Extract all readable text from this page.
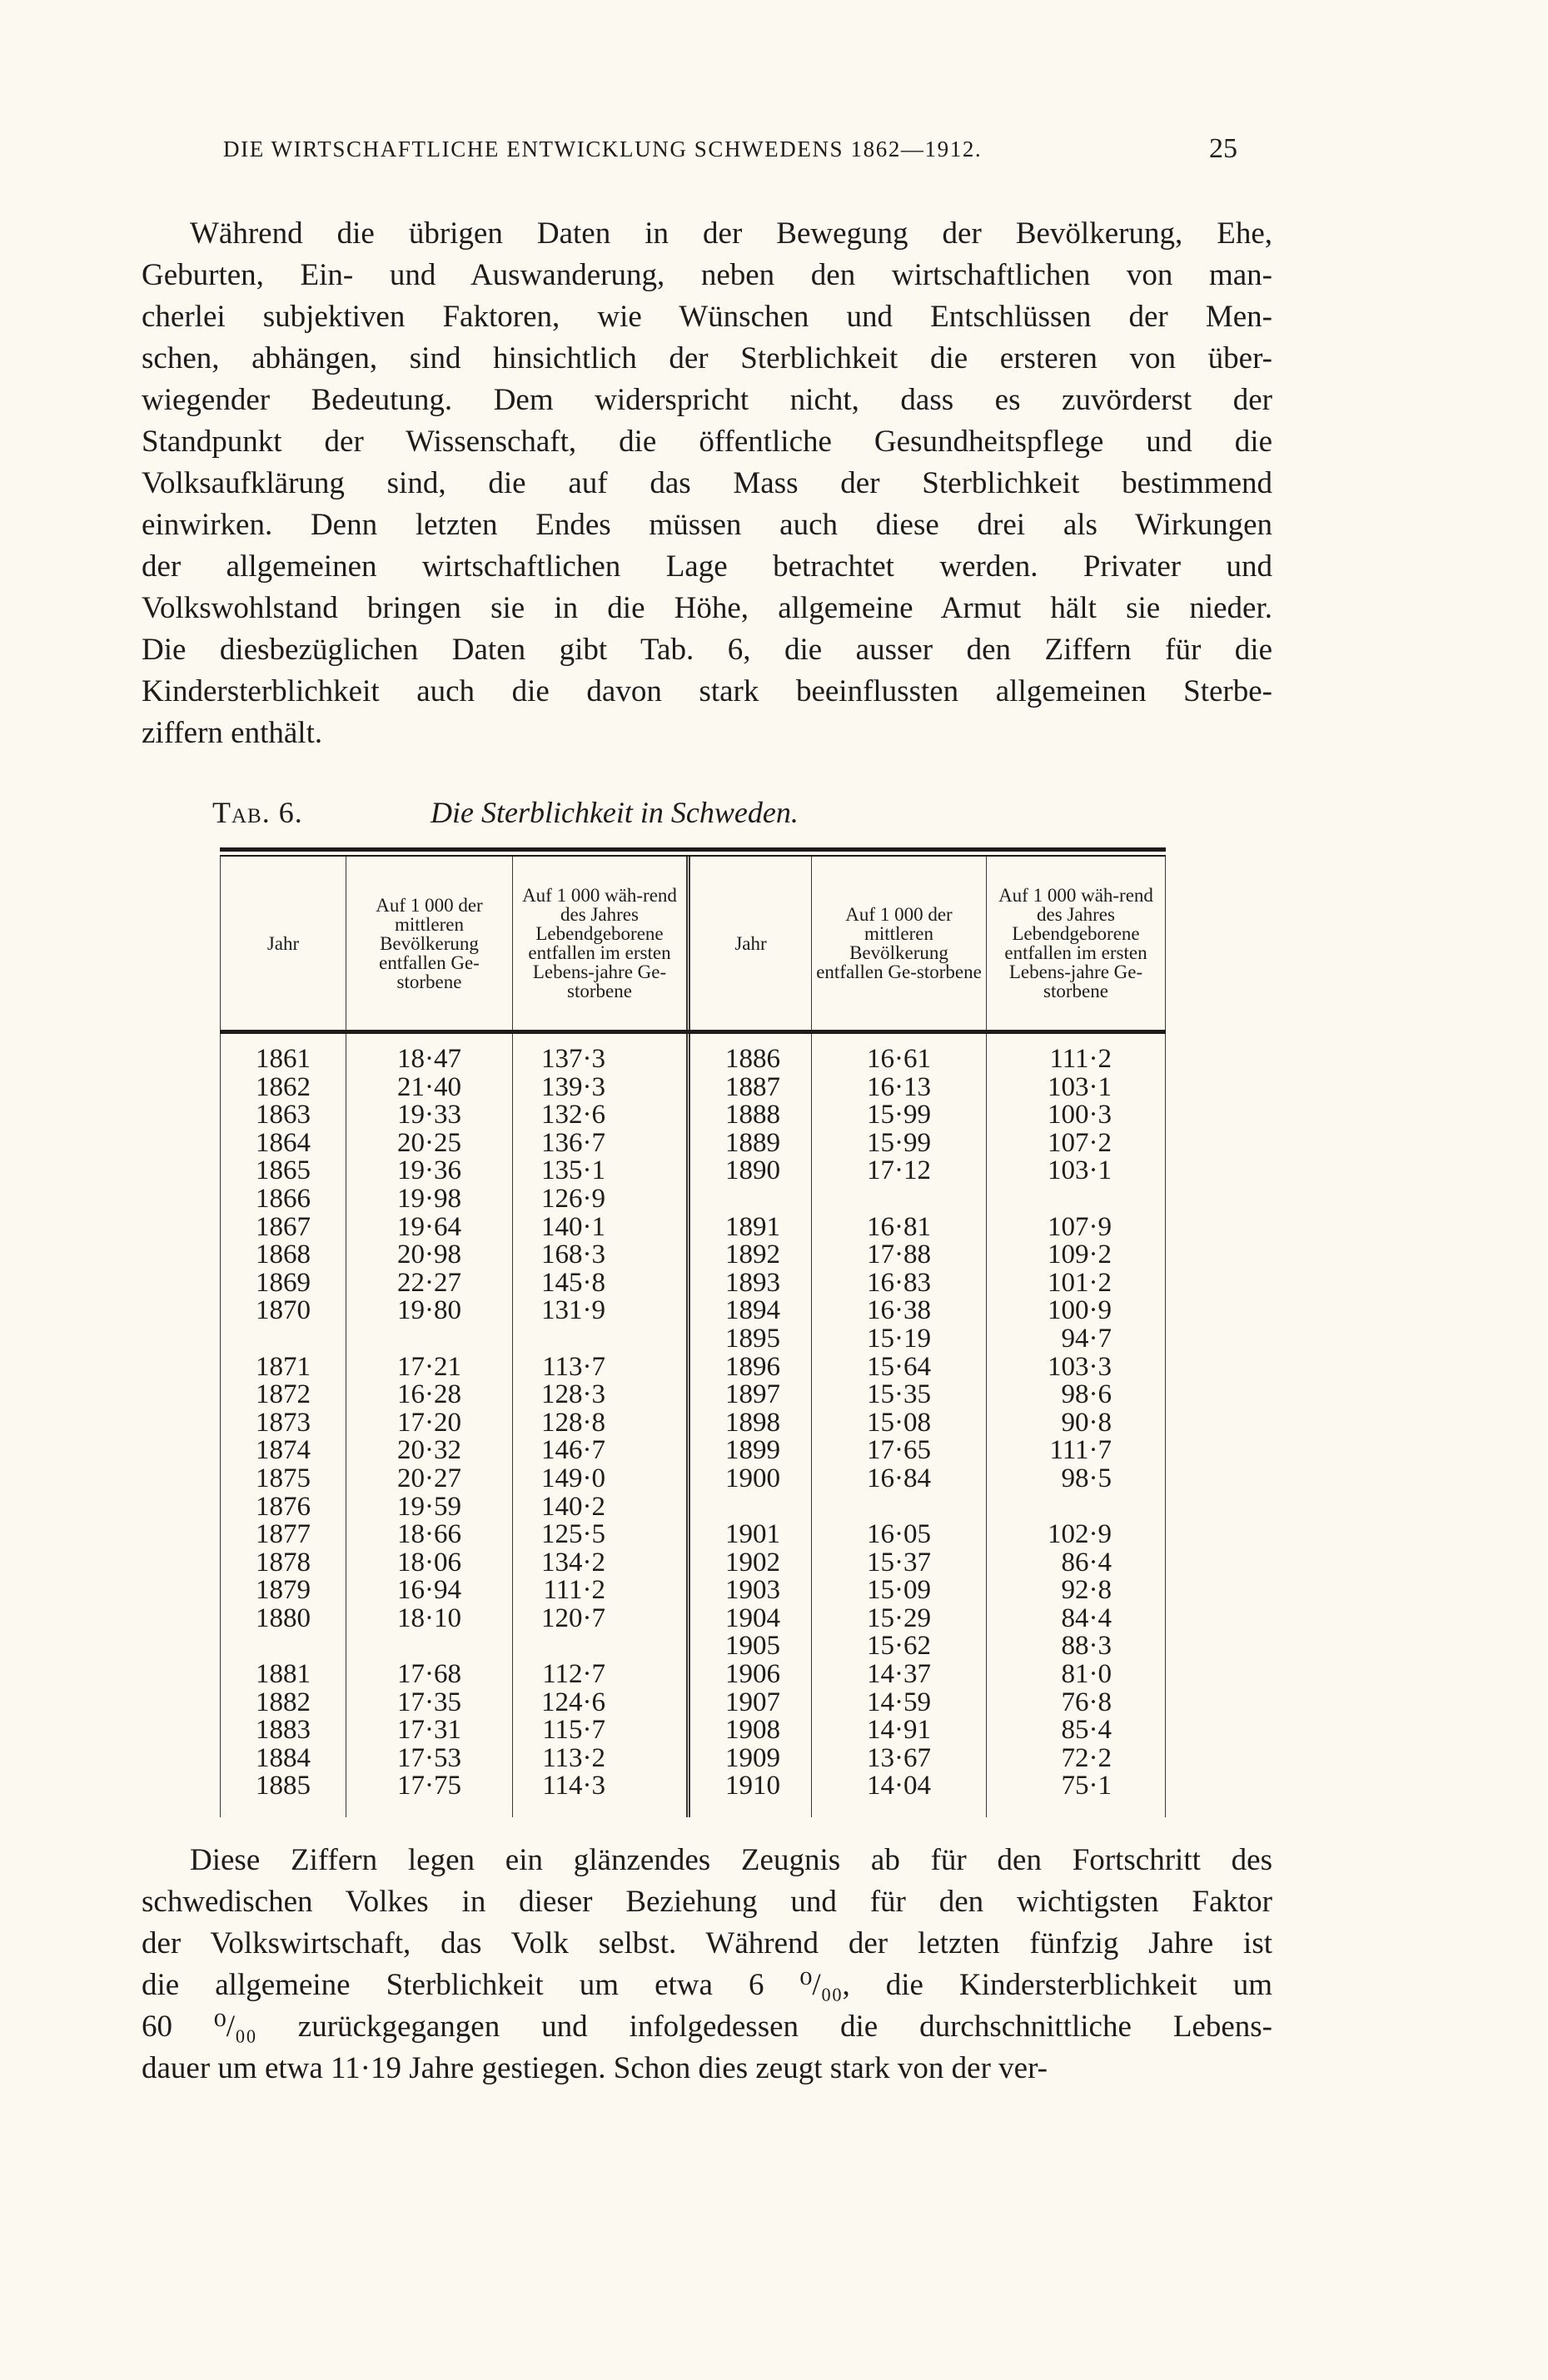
DIE WIRTSCHAFTLICHE ENTWICKLUNG SCHWEDENS 1862—1912.	25
Während die übrigen Daten in der Bewegung der Bevölkerung, Ehe,
Geburten, Ein- und Auswanderung, neben den wirtschaftlichen von man-
cherlei subjektiven Faktoren, wie Wünschen und Entschlüssen der Men-
schen, abhängen, sind hinsichtlich der Sterblichkeit die ersteren von über-
wiegender Bedeutung. Dem widerspricht nicht, dass es zuvörderst der
Standpunkt der Wissenschaft, die öffentliche Gesundheitspflege und die
Volksaufklärung sind, die auf das Mass der Sterblichkeit bestimmend
einwirken. Denn letzten Endes müssen auch diese drei als Wirkungen
der allgemeinen wirtschaftlichen Lage betrachtet werden. Privater und
Volkswohlstand bringen sie in die Höhe, allgemeine Armut hält sie nieder.
Die diesbezüglichen Daten gibt Tab. 6, die ausser den Ziffern für die
Kindersterblichkeit auch die davon stark beeinflussten allgemeinen Sterbe-
ziffern enthält.
Tab. 6.	Die Sterblichkeit in Schweden.
Jahr
Auf 1 000 der mittleren Bevölkerung entfallen Ge-storbene
Auf 1 000 wäh-rend des Jahres Lebendgeborene entfallen im ersten Lebens-jahre Ge-storbene
Jahr
Auf 1 000 der mittleren Bevölkerung entfallen Ge-storbene
Auf 1 000 wäh-rend des Jahres Lebendgeborene entfallen im ersten Lebens-jahre Ge-storbene
1861
1862
1863
1864
1865
1866
1867
1868
1869
1870
1871
1872
1873
1874
1875
1876
1877
1878
1879
1880
1881
1882
1883
1884
1885
18·47
21·40
19·33
20·25
19·36
19·98
19·64
20·98
22·27
19·80
17·21
16·28
17·20
20·32
20·27
19·59
18·66
18·06
16·94
18·10
17·68
17·35
17·31
17·53
17·75
137·3
139·3
132·6
136·7
135·1
126·9
140·1
168·3
145·8
131·9
113·7
128·3
128·8
146·7
149·0
140·2
125·5
134·2
111·2
120·7
112·7
124·6
115·7
113·2
114·3
1886
1887
1888
1889
1890
1891
1892
1893
1894
1895
1896
1897
1898
1899
1900
1901
1902
1903
1904
1905
1906
1907
1908
1909
1910
16·61
16·13
15·99
15·99
17·12
16·81
17·88
16·83
16·38
15·19
15·64
15·35
15·08
17·65
16·84
16·05
15·37
15·09
15·29
15·62
14·37
14·59
14·91
13·67
14·04
111·2
103·1
100·3
107·2
103·1
107·9
109·2
101·2
100·9
94·7
103·3
98·6
90·8
111·7
98·5
102·9
86·4
92·8
84·4
88·3
81·0
76·8
85·4
72·2
75·1
Diese Ziffern legen ein glänzendes Zeugnis ab für den Fortschritt des
schwedischen Volkes in dieser Beziehung und für den wichtigsten Faktor
der Volkswirtschaft, das Volk selbst. Während der letzten fünfzig Jahre ist
die allgemeine Sterblichkeit um etwa 6 ⁰/₀₀, die Kindersterblichkeit um
60 ⁰/₀₀ zurückgegangen und infolgedessen die durchschnittliche Lebens-
dauer um etwa 11·19 Jahre gestiegen. Schon dies zeugt stark von der ver-
